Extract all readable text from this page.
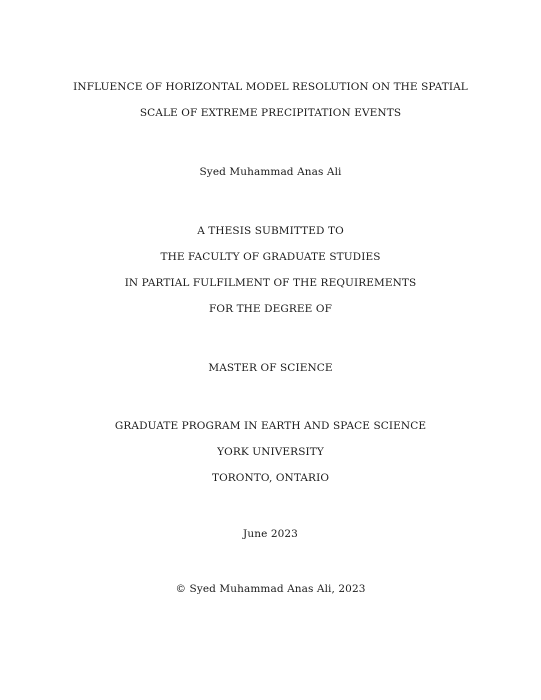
INFLUENCE OF HORIZONTAL MODEL RESOLUTION ON THE SPATIAL
SCALE OF EXTREME PRECIPITATION EVENTS
Syed Muhammad Anas Ali
A THESIS SUBMITTED TO
THE FACULTY OF GRADUATE STUDIES
IN PARTIAL FULFILMENT OF THE REQUIREMENTS
FOR THE DEGREE OF
MASTER OF SCIENCE
GRADUATE PROGRAM IN EARTH AND SPACE SCIENCE
YORK UNIVERSITY
TORONTO, ONTARIO
June 2023
© Syed Muhammad Anas Ali, 2023
